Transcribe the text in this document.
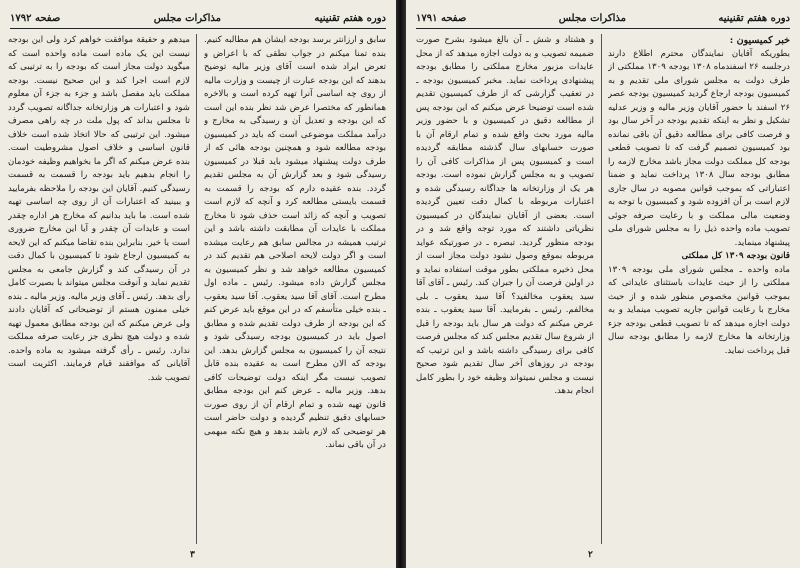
دوره هفتم تقنینیه
مذاکرات مجلس
صفحه ۱۷۹۲

سابق و ارزانتر برسد بودجه ایشان هم مطالبه کنیم. بنده تمنا میکنم در جواب نطقی که با اعراض و تعرض ایراد شده است آقای وزیر مالیه توضیح بدهند که این بودجه عبارت از چیست و وزارت مالیه از روی چه اساسی آنرا تهیه کرده است و بالاخره همانطور که مختصرا عرض شد نظر بنده این است که این بودجه و تعدیل آن و رسیدگی به مخارج و درآمد مملکت موضوعی است که باید در کمیسیون بودجه مطالعه شود و همچنین بودجه هائی که از طرف دولت پیشنهاد میشود باید قبلا در کمیسیون رسیدگی شود و بعد گزارش آن به مجلس تقدیم گردد. بنده عقیده دارم که بودجه را قسمت به قسمت بایستی مطالعه کرد و آنچه که لازم است تصویب و آنچه که زائد است حذف شود تا مخارج مملکت با عایدات آن مطابقت داشته باشد و این ترتیب همیشه در مجالس سابق هم رعایت میشده است و اگر دولت لایحه اصلاحی هم تقدیم کند در کمیسیون مطالعه خواهد شد و نظر کمیسیون به مجلس گزارش داده میشود. رئیس ـ ماده اول مطرح است. آقای آقا سید یعقوب. آقا سید یعقوب ـ بنده خیلی متأسفم که در این موقع باید عرض کنم که این بودجه از طرف دولت تقدیم شده و مطابق اصول باید در کمیسیون بودجه رسیدگی شود و نتیجه آن را کمیسیون به مجلس گزارش بدهد. این بودجه که الان مطرح است به عقیده بنده قابل تصویب نیست مگر اینکه دولت توضیحات کافی بدهد. وزیر مالیه ـ عرض کنم این بودجه مطابق قانون تهیه شده و تمام ارقام آن از روی صورت حسابهای دقیق تنظیم گردیده و دولت حاضر است هر توضیحی که لازم باشد بدهد و هیچ نکته مبهمی در آن باقی نماند.

میدهم و حقیقة موافقت خواهم کرد ولی این بودجه نیست این یک ماده است ماده واحده است که میگوید دولت مجاز است که بودجه را به ترتیبی که لازم است اجرا کند و این صحیح نیست. بودجه مملکت باید مفصل باشد و جزء به جزء آن معلوم شود و اعتبارات هر وزارتخانه جداگانه تصویب گردد تا مجلس بداند که پول ملت در چه راهی مصرف میشود. این ترتیبی که حالا اتخاذ شده است خلاف قانون اساسی و خلاف اصول مشروطیت است. بنده عرض میکنم که اگر ما بخواهیم وظیفه خودمان را انجام بدهیم باید بودجه را قسمت به قسمت رسیدگی کنیم. آقایان این بودجه را ملاحظه بفرمایید و ببینید که اعتبارات آن از روی چه اساسی تهیه شده است. ما باید بدانیم که مخارج هر اداره چقدر است و عایدات آن چقدر و آیا این مخارج ضروری است یا خیر. بنابراین بنده تقاضا میکنم که این لایحه به کمیسیون ارجاع شود تا کمیسیون با کمال دقت در آن رسیدگی کند و گزارش جامعی به مجلس تقدیم نماید و آنوقت مجلس میتواند با بصیرت کامل رأی بدهد. رئیس ـ آقای وزیر مالیه. وزیر مالیه ـ بنده خیلی ممنون هستم از توضیحاتی که آقایان دادند ولی عرض میکنم که این بودجه مطابق معمول تهیه شده و دولت هیچ نظری جز رعایت صرفه مملکت ندارد. رئیس ـ رأی گرفته میشود به ماده واحده. آقایانی که موافقند قیام فرمایند. اکثریت است تصویب شد.

۳
دوره هفتم تقنینیه
مذاکرات مجلس
صفحه ۱۷۹۱

خبر کمیسیون :

بطوریکه آقایان نمایندگان محترم اطلاع دارند درجلسه ۲۶ اسفندماه ۱۳۰۸ بودجه ۱۳۰۹ مملکتی از طرف دولت به مجلس شورای ملی تقدیم و به کمیسیون بودجه ارجاع گردید کمیسیون بودجه عصر ۲۶ اسفند با حضور آقایان وزیر مالیه و وزیر عدلیه تشکیل و نظر به اینکه تقدیم بودجه در آخر سال بود و فرصت کافی برای مطالعه دقیق آن باقی نمانده بود کمیسیون تصمیم گرفت که تا تصویب قطعی بودجه کل مملکت دولت مجاز باشد مخارج لازمه را مطابق بودجه سال ۱۳۰۸ پرداخت نماید و ضمنا اعتباراتی که بموجب قوانین مصوبه در سال جاری لازم است بر آن افزوده شود و کمیسیون با توجه به وضعیت مالی مملکت و با رعایت صرفه جوئی تصویب ماده واحده ذیل را به مجلس شورای ملی پیشنهاد مینماید.

قانون بودجه ۱۳۰۹ کل مملکتی

ماده واحده ـ مجلس شورای ملی بودجه ۱۳۰۹ مملکتی را از حیث عایدات باستثنای عایداتی که بموجب قوانین مخصوص منظور شده و از حیث مخارج با رعایت قوانین جاریه تصویب مینماید و به دولت اجازه میدهد که تا تصویب قطعی بودجه جزء وزارتخانه ها مخارج لازمه را مطابق بودجه سال قبل پرداخت نماید.

و هشتاد و شش ـ آن بالغ میشود بشرح صورت ضمیمه تصویب و به دولت اجازه میدهد که از محل عایدات مزبور مخارج مملکتی را مطابق بودجه پیشنهادی پرداخت نماید. مخبر کمیسیون بودجه ـ در تعقیب گزارشی که از طرف کمیسیون تقدیم شده است توضیحا عرض میکنم که این بودجه پس از مطالعه دقیق در کمیسیون و با حضور وزیر مالیه مورد بحث واقع شده و تمام ارقام آن با صورت حسابهای سال گذشته مطابقه گردیده است و کمیسیون پس از مذاکرات کافی آن را تصویب و به مجلس گزارش نموده است. بودجه هر یک از وزارتخانه ها جداگانه رسیدگی شده و اعتبارات مربوطه با کمال دقت تعیین گردیده است. بعضی از آقایان نمایندگان در کمیسیون نظریاتی داشتند که مورد توجه واقع شد و در بودجه منظور گردید. تبصره ـ در صورتیکه عواید مربوطه بموقع وصول نشود دولت مجاز است از محل ذخیره مملکتی بطور موقت استفاده نماید و در اولین فرصت آن را جبران کند. رئیس ـ آقای آقا سید یعقوب مخالفید؟ آقا سید یعقوب ـ بلی مخالفم. رئیس ـ بفرمایید. آقا سید یعقوب ـ بنده عرض میکنم که دولت هر سال باید بودجه را قبل از شروع سال تقدیم مجلس کند که مجلس فرصت کافی برای رسیدگی داشته باشد و این ترتیب که بودجه در روزهای آخر سال تقدیم شود صحیح نیست و مجلس نمیتواند وظیفه خود را بطور کامل انجام بدهد.

۲
